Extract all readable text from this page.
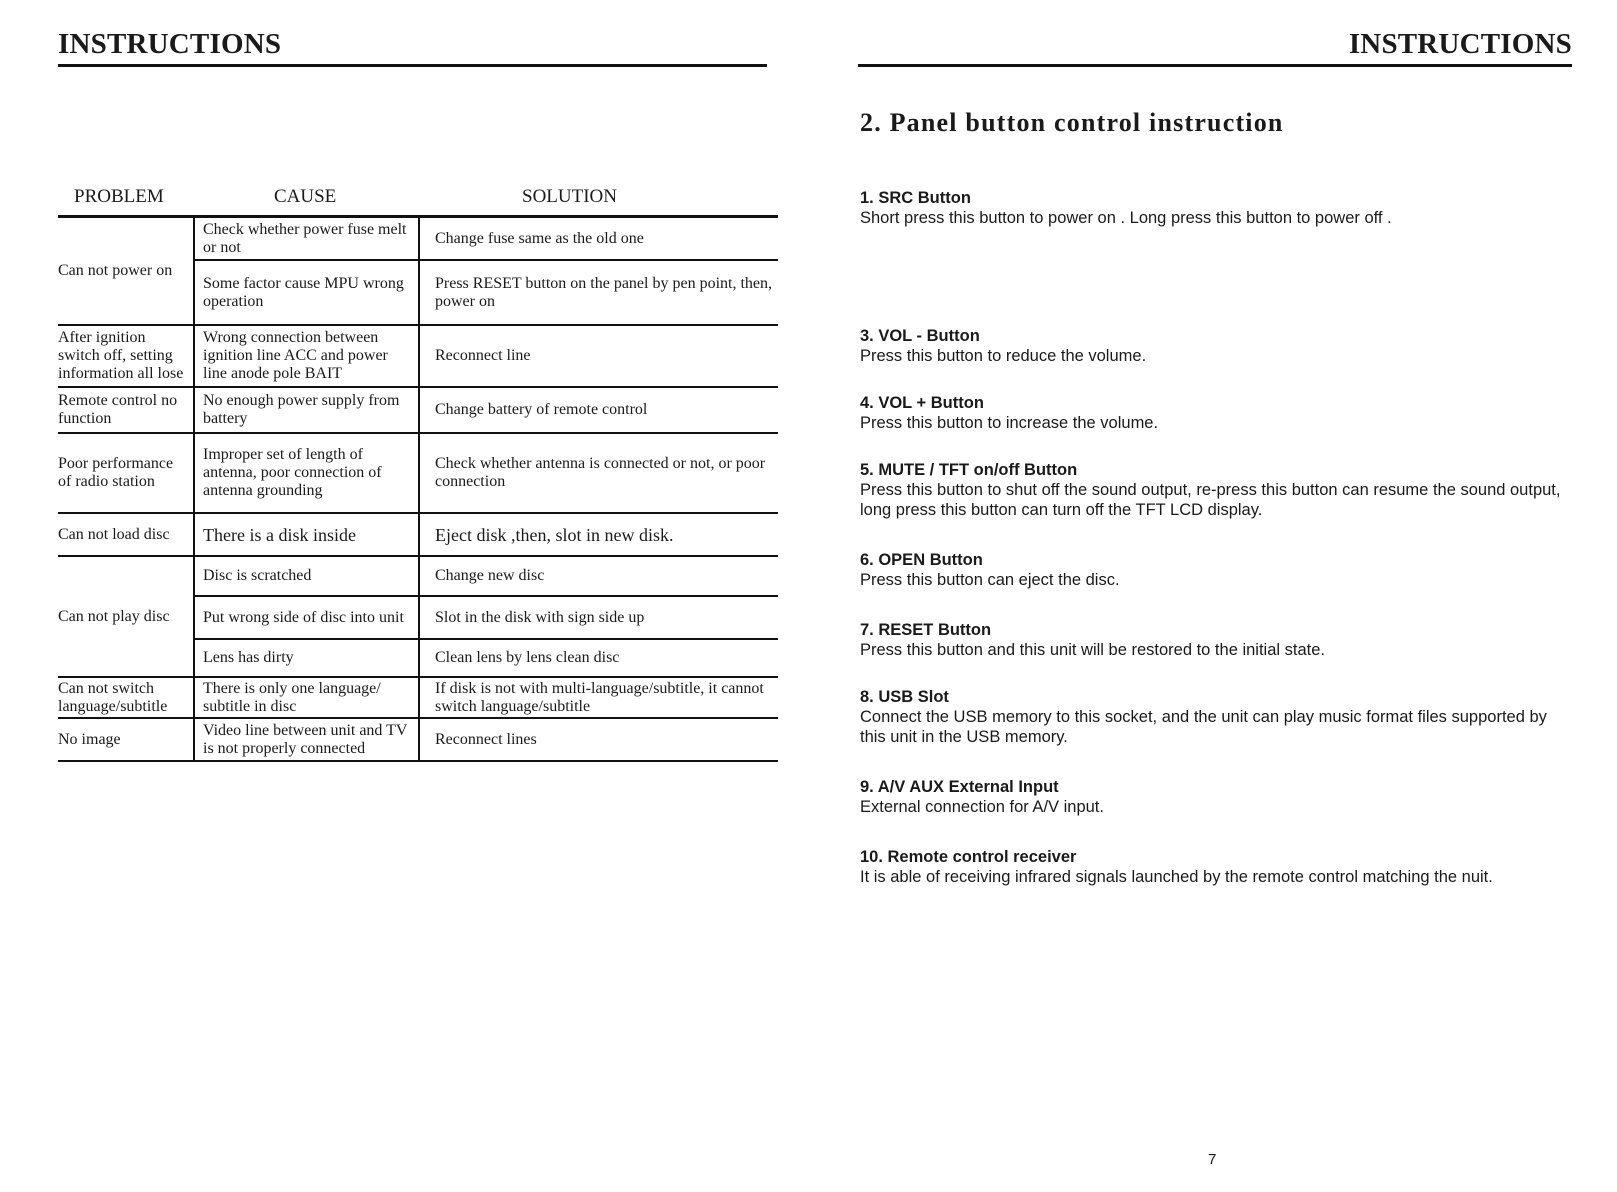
INSTRUCTIONS
PROBLEM	CAUSE	SOLUTION
Can not power on	Check whether power fuse melt or not	Change fuse same as the old one
	Some factor cause MPU wrong operation	Press RESET button on the panel by pen point, then, power on
After ignition switch off, setting information all lose	Wrong connection between ignition line ACC and power line anode pole BAIT	Reconnect line
Remote control no function	No enough power supply from battery	Change battery of remote control
Poor performance of radio station	Improper set of length of antenna, poor connection of antenna grounding	Check whether antenna is connected or not, or poor connection
Can not load disc	There is a disk inside	Eject disk ,then, slot in new disk.
Can not play disc	Disc is scratched	Change new disc
	Put wrong side of disc into unit	Slot in the disk with sign side up
	Lens has dirty	Clean lens by lens clean disc
Can not switch language/subtitle	There is only one language/ subtitle in disc	If disk is not with multi-language/subtitle, it cannot switch language/subtitle
No image	Video line between unit and TV is not properly connected	Reconnect lines
INSTRUCTIONS
2. Panel button control instruction
1. SRC Button
Short press this button to power on . Long press this button to power off .
3. VOL - Button
Press this button to reduce the volume.
4. VOL + Button
Press this button to increase the volume.
5. MUTE / TFT on/off Button
Press this button to shut off the sound output, re-press this button can resume the sound output, long press this button can turn off the TFT LCD display.
6. OPEN Button
Press this button can eject the disc.
7. RESET Button
Press this button and this unit will be restored to the initial state.
8. USB Slot
Connect the USB memory to this socket, and the unit can play music format files supported by this unit in the USB memory.
9. A/V AUX External Input
External connection for A/V input.
10. Remote control receiver
It is able of receiving infrared signals launched by the remote control matching the nuit.
7
